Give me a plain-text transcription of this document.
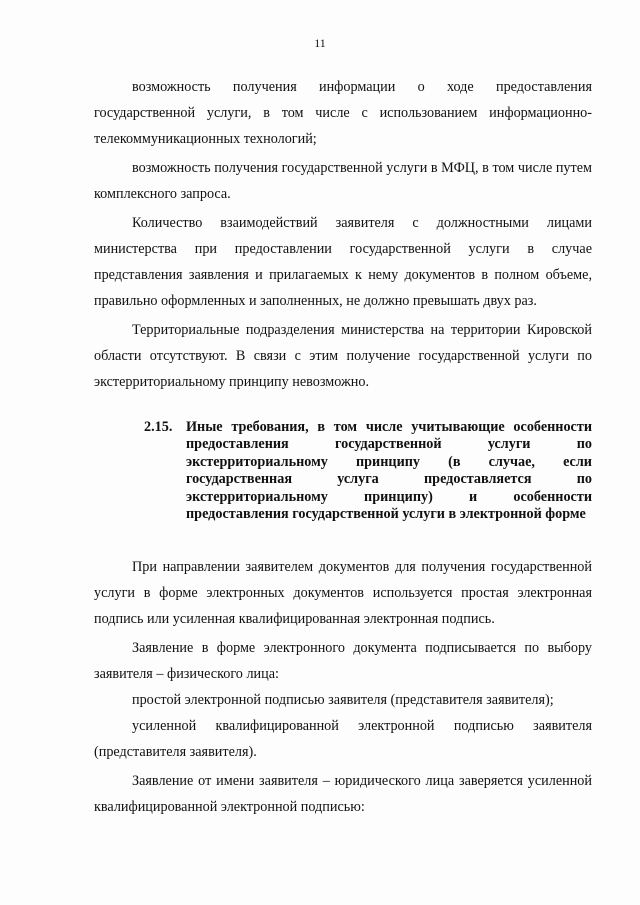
11

возможность получения информации о ходе предоставления государственной услуги, в том числе с использованием информационно-телекоммуникационных технологий;

возможность получения государственной услуги в МФЦ, в том числе путем комплексного запроса.

Количество взаимодействий заявителя с должностными лицами министерства при предоставлении государственной услуги в случае представления заявления и прилагаемых к нему документов в полном объеме, правильно оформленных и заполненных, не должно превышать двух раз.

Территориальные подразделения министерства на территории Кировской области отсутствуют. В связи с этим получение государственной услуги по экстерриториальному принципу невозможно.

2.15. Иные требования, в том числе учитывающие особенности предоставления государственной услуги по экстерриториальному принципу (в случае, если государственная услуга предоставляется по экстерриториальному принципу) и особенности предоставления государственной услуги в электронной форме

При направлении заявителем документов для получения государственной услуги в форме электронных документов используется простая электронная подпись или усиленная квалифицированная электронная подпись.

Заявление в форме электронного документа подписывается по выбору заявителя – физического лица:

простой электронной подписью заявителя (представителя заявителя);

усиленной квалифицированной электронной подписью заявителя (представителя заявителя).

Заявление от имени заявителя – юридического лица заверяется усиленной квалифицированной электронной подписью:
